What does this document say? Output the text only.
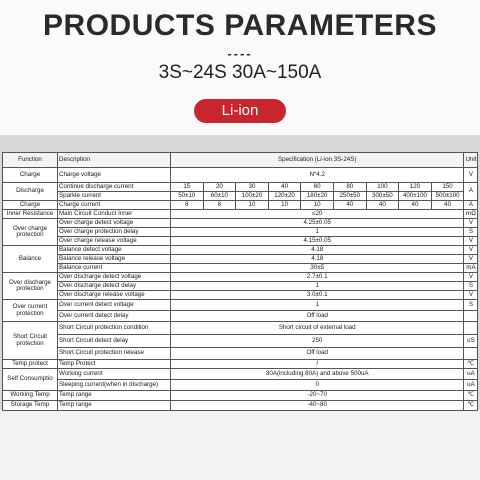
PRODUCTS PARAMETERS
----
3S~24S 30A~150A
Li-ion
Function	Description	Specification (Li-ion 3S-24S)									Unit
Charge	Charge voltage	N*4.2									V
Discharge	Continue discharge current	15	20	30	40	60	80	100	120	150	A
	Sparkle current	50±10	60±10	100±20	120±20	180±20	250±50	300±50	400±100	500±100	
Charge	Charge current	8	8	10	10	10	40	40	40	40	A
Inner Resistance	Main Circuit Conduct Inner	≤20									mΩ
Over charge protection	Over charge detect voltage	4.25±0.05									V
	Over charge protection delay	1									S
	Over charge release voltage	4.15±0.05									V
Balance	Balance detect voltage	4.18									V
	Balance release voltage	4.18									V
	Balance current	30±5									mA
Over discharge protection	Over discharge detect voltage	2.7±0.1									V
	Over discharge detect delay	1									S
	Over discharge release voltage	3.0±0.1									V
Over current protection	Over current detect voltage	1									S
	Over current detect delay	Off load									
Short Circuit protection	Short Circuit protection condition	Short circuit of external load									
	Short Circuit detect delay	250									uS
	Short Circuit protection release	Off load									
Temp protect	Temp Protect	/									℃
Self Consumptio	Working current	80A(including 80A) and above 500uA									uA
	Sleeping current(when in discharge)	0									uA
Working Temp	Temp range	-20~70									℃
Storage Temp	Temp range	-40~80									℃
